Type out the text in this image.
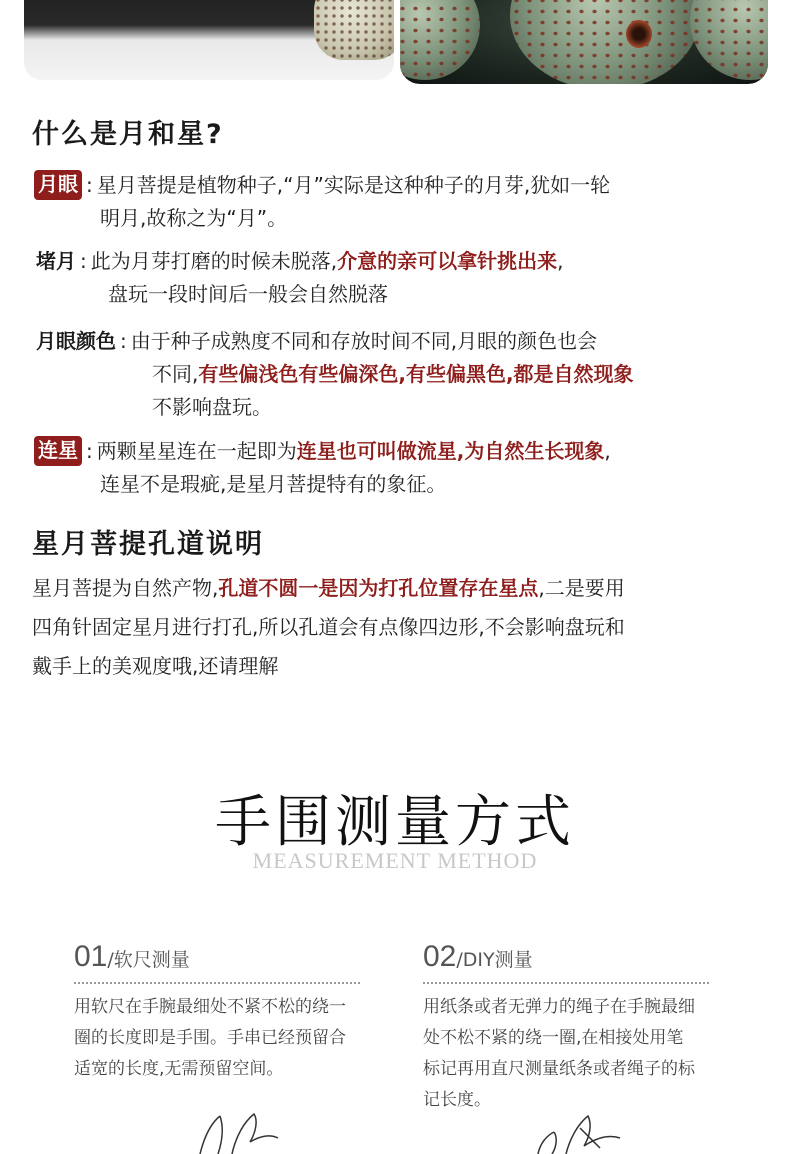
什么是月和星?
月眼 : 星月菩提是植物种子,“月”实际是这种种子的月芽,犹如一轮
明月,故称之为“月”。
堵月 : 此为月芽打磨的时候未脱落,介意的亲可以拿针挑出来,
盘玩一段时间后一般会自然脱落
月眼颜色 : 由于种子成熟度不同和存放时间不同,月眼的颜色也会
不同,有些偏浅色有些偏深色,有些偏黑色,都是自然现象
不影响盘玩。
连星 : 两颗星星连在一起即为连星也可叫做流星,为自然生长现象,
连星不是瑕疵,是星月菩提特有的象征。
星月菩提孔道说明
星月菩提为自然产物,孔道不圆一是因为打孔位置存在星点,二是要用
四角针固定星月进行打孔,所以孔道会有点像四边形,不会影响盘玩和
戴手上的美观度哦,还请理解
手围测量方式
MEASUREMENT METHOD
01/软尺测量
用软尺在手腕最细处不紧不松的绕一
圈的长度即是手围。手串已经预留合
适宽的长度,无需预留空间。
02/DIY测量
用纸条或者无弹力的绳子在手腕最细
处不松不紧的绕一圈,在相接处用笔
标记再用直尺测量纸条或者绳子的标
记长度。
